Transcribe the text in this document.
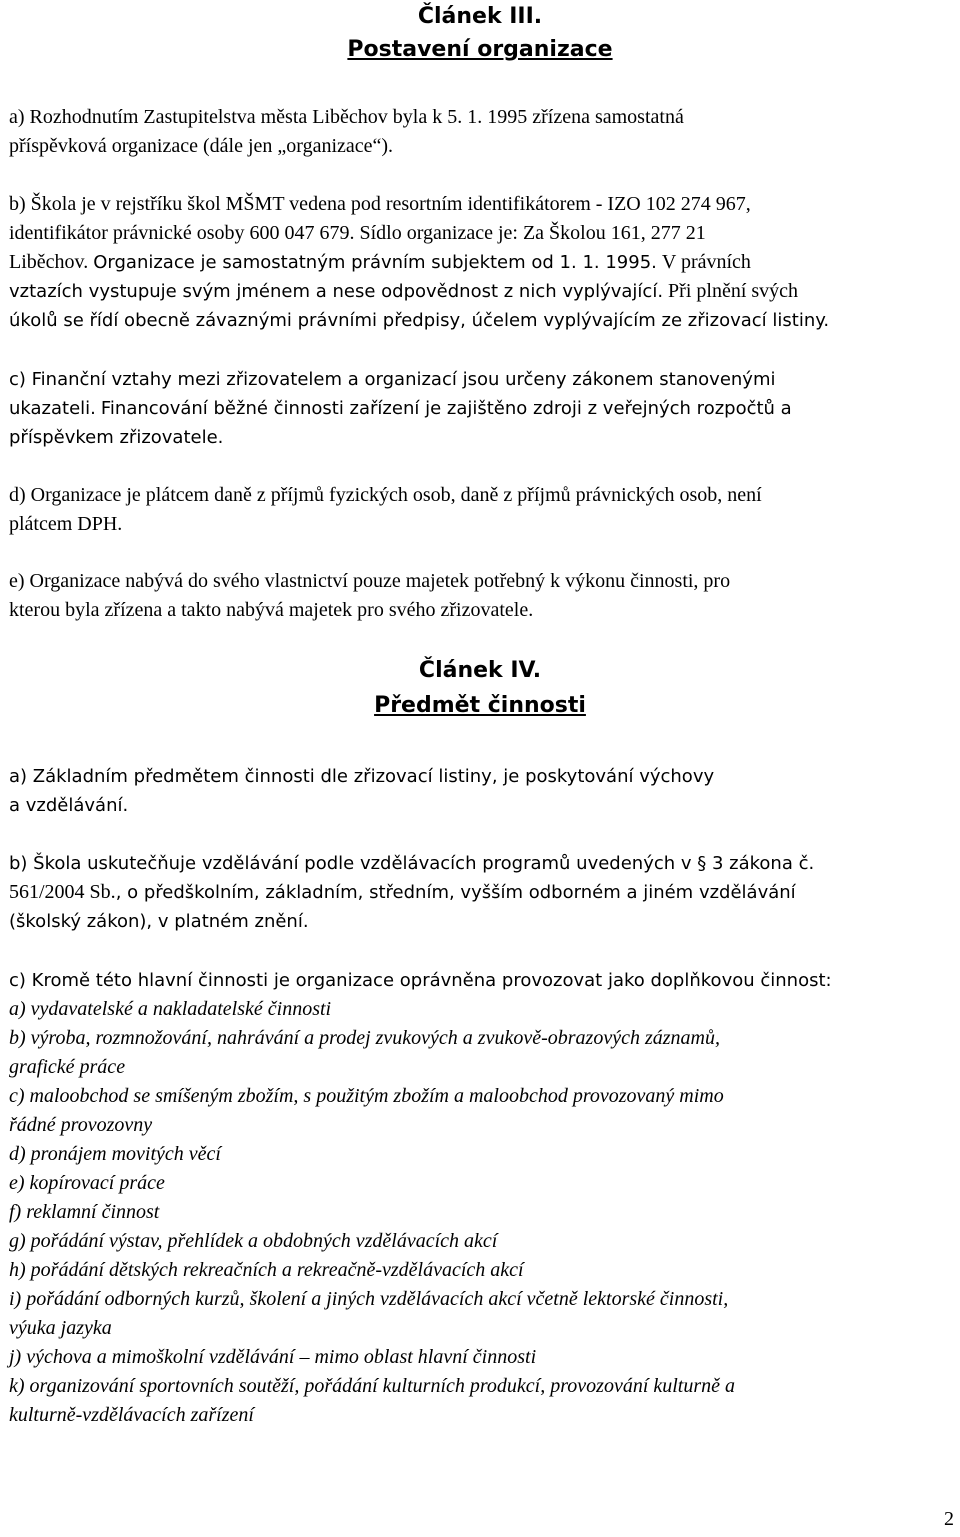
Článek III.
Postavení organizace
a) Rozhodnutím Zastupitelstva města Liběchov byla k 5. 1. 1995 zřízena samostatná
příspěvková organizace (dále jen „organizace“).
b) Škola je v rejstříku škol MŠMT vedena pod resortním identifikátorem - IZO 102 274 967,
identifikátor právnické osoby 600 047 679. Sídlo organizace je: Za Školou 161, 277 21
Liběchov. Organizace je samostatným právním subjektem od 1. 1. 1995. V právních
vztazích vystupuje svým jménem a nese odpovědnost z nich vyplývající. Při plnění svých
úkolů se řídí obecně závaznými právními předpisy, účelem vyplývajícím ze zřizovací listiny.
c) Finanční vztahy mezi zřizovatelem a organizací jsou určeny zákonem stanovenými
ukazateli. Financování běžné činnosti zařízení je zajištěno zdroji z veřejných rozpočtů a
příspěvkem zřizovatele.
d) Organizace je plátcem daně z příjmů fyzických osob, daně z příjmů právnických osob, není
plátcem DPH.
e) Organizace nabývá do svého vlastnictví pouze majetek potřebný k výkonu činnosti, pro
kterou byla zřízena a takto nabývá majetek pro svého zřizovatele.
Článek IV.
Předmět činnosti
a) Základním předmětem činnosti dle zřizovací listiny, je poskytování výchovy
a vzdělávání.
b) Škola uskutečňuje vzdělávání podle vzdělávacích programů uvedených v § 3 zákona č.
561/2004 Sb., o předškolním, základním, středním, vyšším odborném a jiném vzdělávání
(školský zákon), v platném znění.
c) Kromě této hlavní činnosti je organizace oprávněna provozovat jako doplňkovou činnost:
a) vydavatelské a nakladatelské činnosti
b) výroba, rozmnožování, nahrávání a prodej zvukových a zvukově-obrazových záznamů,
grafické práce
c) maloobchod se smíšeným zbožím, s použitým zbožím a maloobchod provozovaný mimo
řádné provozovny
d) pronájem movitých věcí
e) kopírovací práce
f) reklamní činnost
g) pořádání výstav, přehlídek a obdobných vzdělávacích akcí
h) pořádání dětských rekreačních a rekreačně-vzdělávacích akcí
i) pořádání odborných kurzů, školení a jiných vzdělávacích akcí včetně lektorské činnosti,
výuka jazyka
j) výchova a mimoškolní vzdělávání – mimo oblast hlavní činnosti
k) organizování sportovních soutěží, pořádání kulturních produkcí, provozování kulturně a
kulturně-vzdělávacích zařízení
2
